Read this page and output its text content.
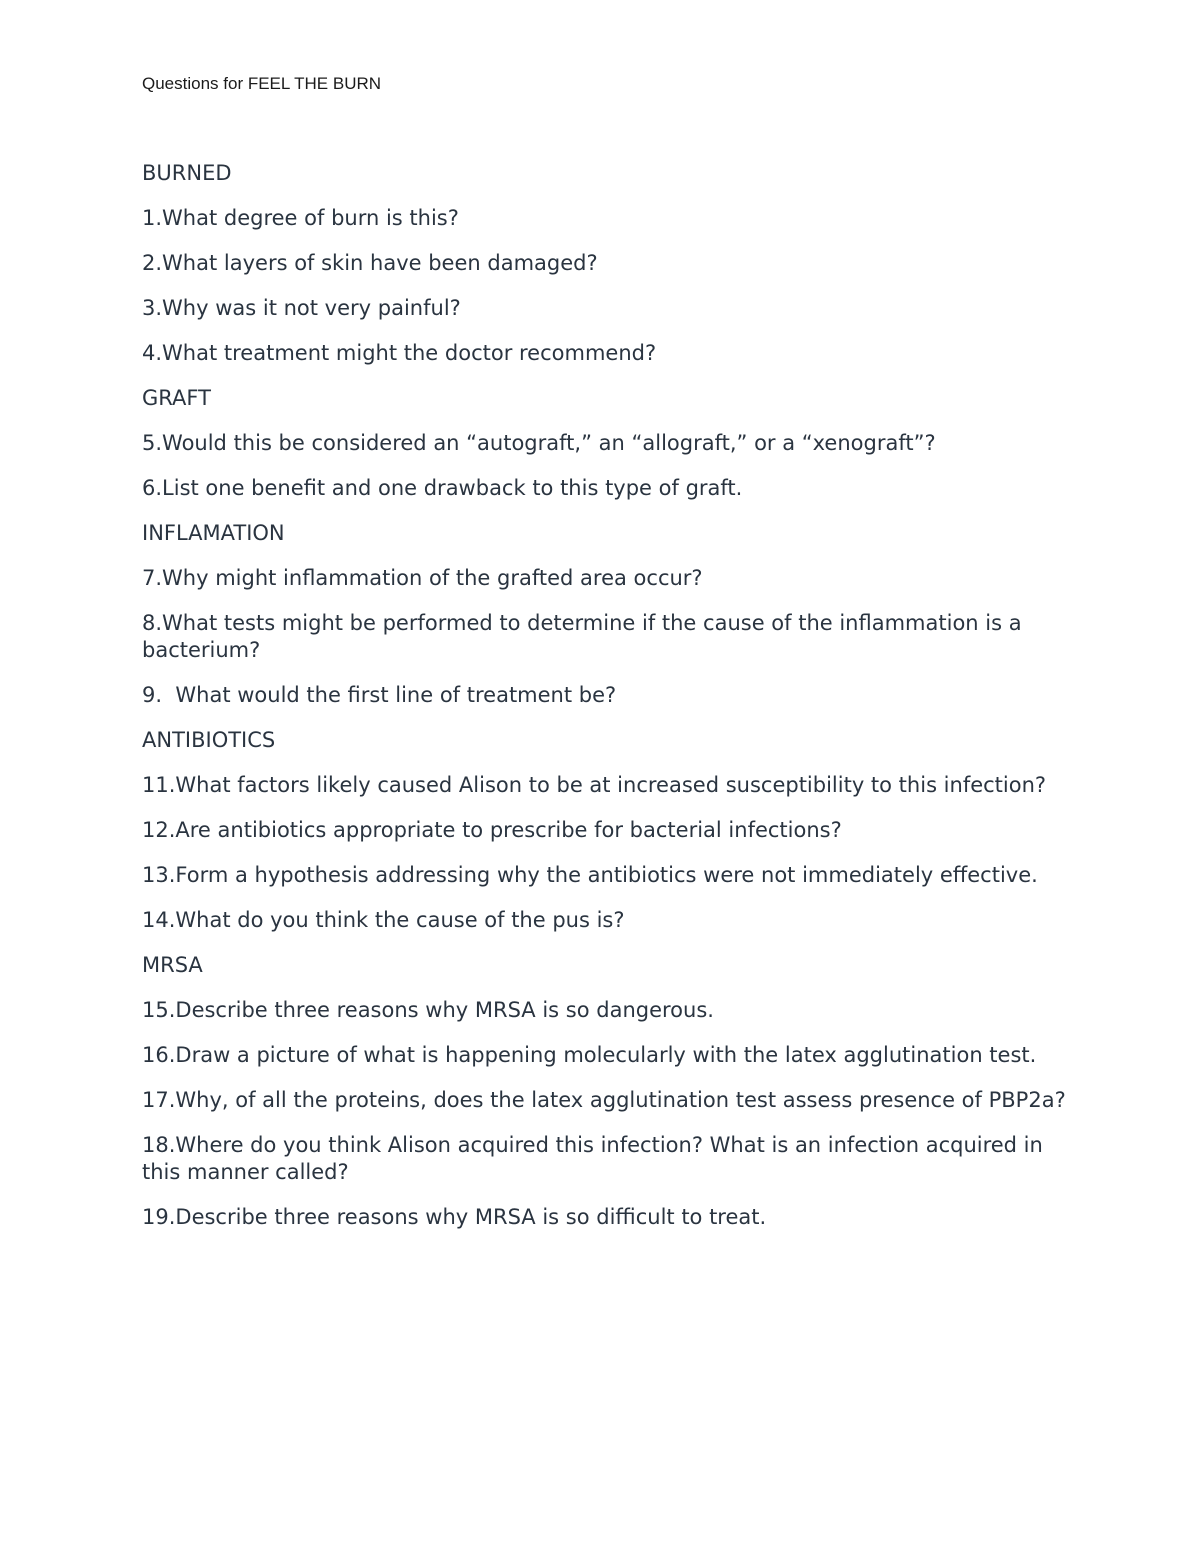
Questions for FEEL THE BURN
BURNED
1.What degree of burn is this?
2.What layers of skin have been damaged?
3.Why was it not very painful?
4.What treatment might the doctor recommend?
GRAFT
5.Would this be considered an “autograft,” an “allograft,” or a “xenograft”?
6.List one benefit and one drawback to this type of graft.
INFLAMATION
7.Why might inflammation of the grafted area occur?
8.What tests might be performed to determine if the cause of the inflammation is a bacterium?
9.  What would the first line of treatment be?
ANTIBIOTICS
11.What factors likely caused Alison to be at increased susceptibility to this infection?
12.Are antibiotics appropriate to prescribe for bacterial infections?
13.Form a hypothesis addressing why the antibiotics were not immediately effective.
14.What do you think the cause of the pus is?
MRSA
15.Describe three reasons why MRSA is so dangerous.
16.Draw a picture of what is happening molecularly with the latex agglutination test.
17.Why, of all the proteins, does the latex agglutination test assess presence of PBP2a?
18.Where do you think Alison acquired this infection? What is an infection acquired in this manner called?
19.Describe three reasons why MRSA is so difficult to treat.
